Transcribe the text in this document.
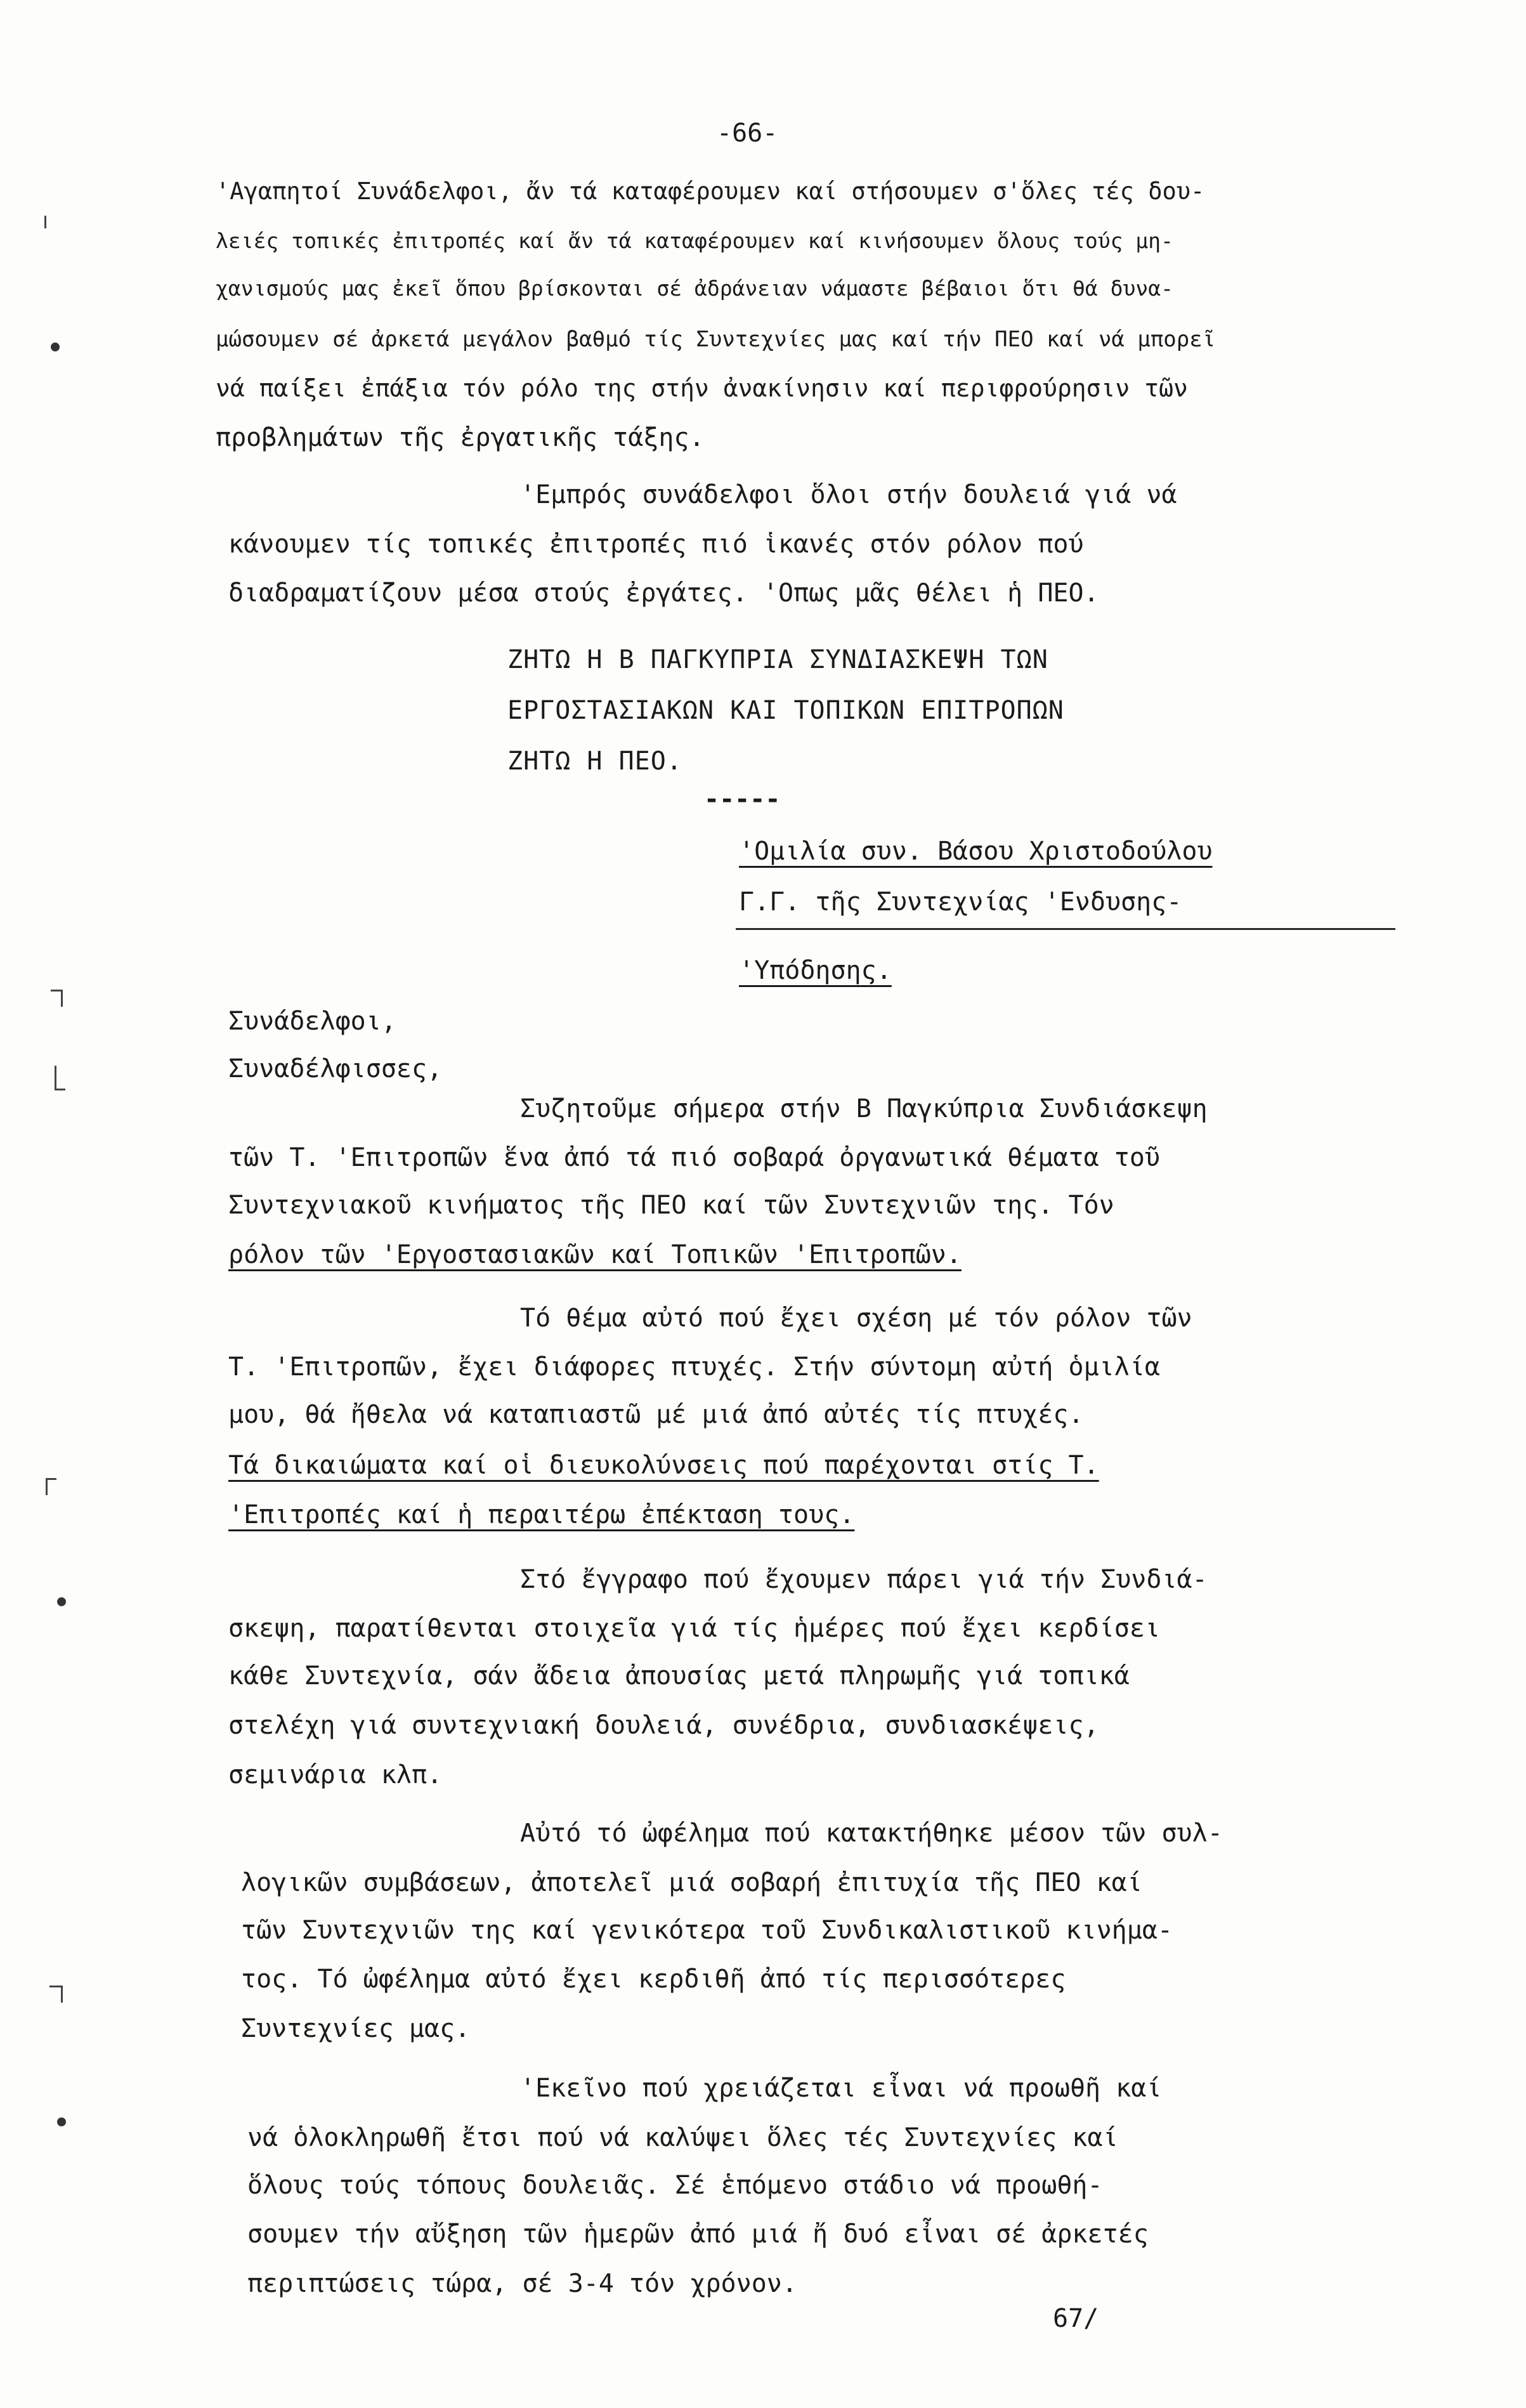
-66-
'Αγαπητοί Συνάδελφοι, ἄν τά καταφέρουμεν καί στήσουμεν σ'ὅλες τές δου-
λειές τοπικές ἐπιτροπές καί ἄν τά καταφέρουμεν καί κινήσουμεν ὅλους τούς μη-
χανισμούς μας ἐκεῖ ὅπου βρίσκονται σέ ἀδράνειαν νάμαστε βέβαιοι ὅτι θά δυνα-
μώσουμεν σέ ἀρκετά μεγάλον βαθμό τίς Συντεχνίες μας καί τήν ΠΕΟ καί νά μπορεῖ
νά παίξει ἐπάξια τόν ρόλο της στήν ἀνακίνησιν καί περιφρούρησιν τῶν
προβλημάτων τῆς ἐργατικῆς τάξης.
'Εμπρός συνάδελφοι ὅλοι στήν δουλειά γιά νά
κάνουμεν τίς τοπικές ἐπιτροπές πιό ἱκανές στόν ρόλον πού
διαδραματίζουν μέσα στούς ἐργάτες. 'Οπως μᾶς θέλει ἡ ΠΕΟ.
ΖΗΤΩ Η Β ΠΑΓΚΥΠΡΙΑ ΣΥΝΔΙΑΣΚΕΨΗ ΤΩΝ
ΕΡΓΟΣΤΑΣΙΑΚΩΝ ΚΑΙ ΤΟΠΙΚΩΝ ΕΠΙΤΡΟΠΩΝ
ΖΗΤΩ Η ΠΕΟ.
-----
'Ομιλία συν. Βάσου Χριστοδούλου
Γ.Γ. τῆς Συντεχνίας 'Ενδυσης-
'Υπόδησης.
Συνάδελφοι,
Συναδέλφισσες,
Συζητοῦμε σήμερα στήν Β Παγκύπρια Συνδιάσκεψη
τῶν Τ. 'Επιτροπῶν ἕνα ἀπό τά πιό σοβαρά ὀργανωτικά θέματα τοῦ
Συντεχνιακοῦ κινήματος τῆς ΠΕΟ καί τῶν Συντεχνιῶν της. Τόν
ρόλον τῶν 'Εργοστασιακῶν καί Τοπικῶν 'Επιτροπῶν.
Τό θέμα αὐτό πού ἔχει σχέση μέ τόν ρόλον τῶν
Τ. 'Επιτροπῶν, ἔχει διάφορες πτυχές. Στήν σύντομη αὐτή ὁμιλία
μου, θά ἤθελα νά καταπιαστῶ μέ μιά ἀπό αὐτές τίς πτυχές.
Τά δικαιώματα καί οἱ διευκολύνσεις πού παρέχονται στίς Τ.
'Επιτροπές καί ἡ περαιτέρω ἐπέκταση τους.
Στό ἔγγραφο πού ἔχουμεν πάρει γιά τήν Συνδιά-
σκεψη, παρατίθενται στοιχεῖα γιά τίς ἡμέρες πού ἔχει κερδίσει
κάθε Συντεχνία, σάν ἄδεια ἀπουσίας μετά πληρωμῆς γιά τοπικά
στελέχη γιά συντεχνιακή δουλειά, συνέδρια, συνδιασκέψεις,
σεμινάρια κλπ.
Αὐτό τό ὠφέλημα πού κατακτήθηκε μέσον τῶν συλ-
λογικῶν συμβάσεων, ἀποτελεῖ μιά σοβαρή ἐπιτυχία τῆς ΠΕΟ καί
τῶν Συντεχνιῶν της καί γενικότερα τοῦ Συνδικαλιστικοῦ κινήμα-
τος. Τό ὠφέλημα αὐτό ἔχει κερδιθῆ ἀπό τίς περισσότερες
Συντεχνίες μας.
'Εκεῖνο πού χρειάζεται εἶναι νά προωθῆ καί
νά ὁλοκληρωθῆ ἔτσι πού νά καλύψει ὅλες τές Συντεχνίες καί
ὅλους τούς τόπους δουλειᾶς. Σέ ἑπόμενο στάδιο νά προωθή-
σουμεν τήν αὔξηση τῶν ἡμερῶν ἀπό μιά ἤ δυό εἶναι σέ ἀρκετές
περιπτώσεις τώρα, σέ 3-4 τόν χρόνον.
67/
